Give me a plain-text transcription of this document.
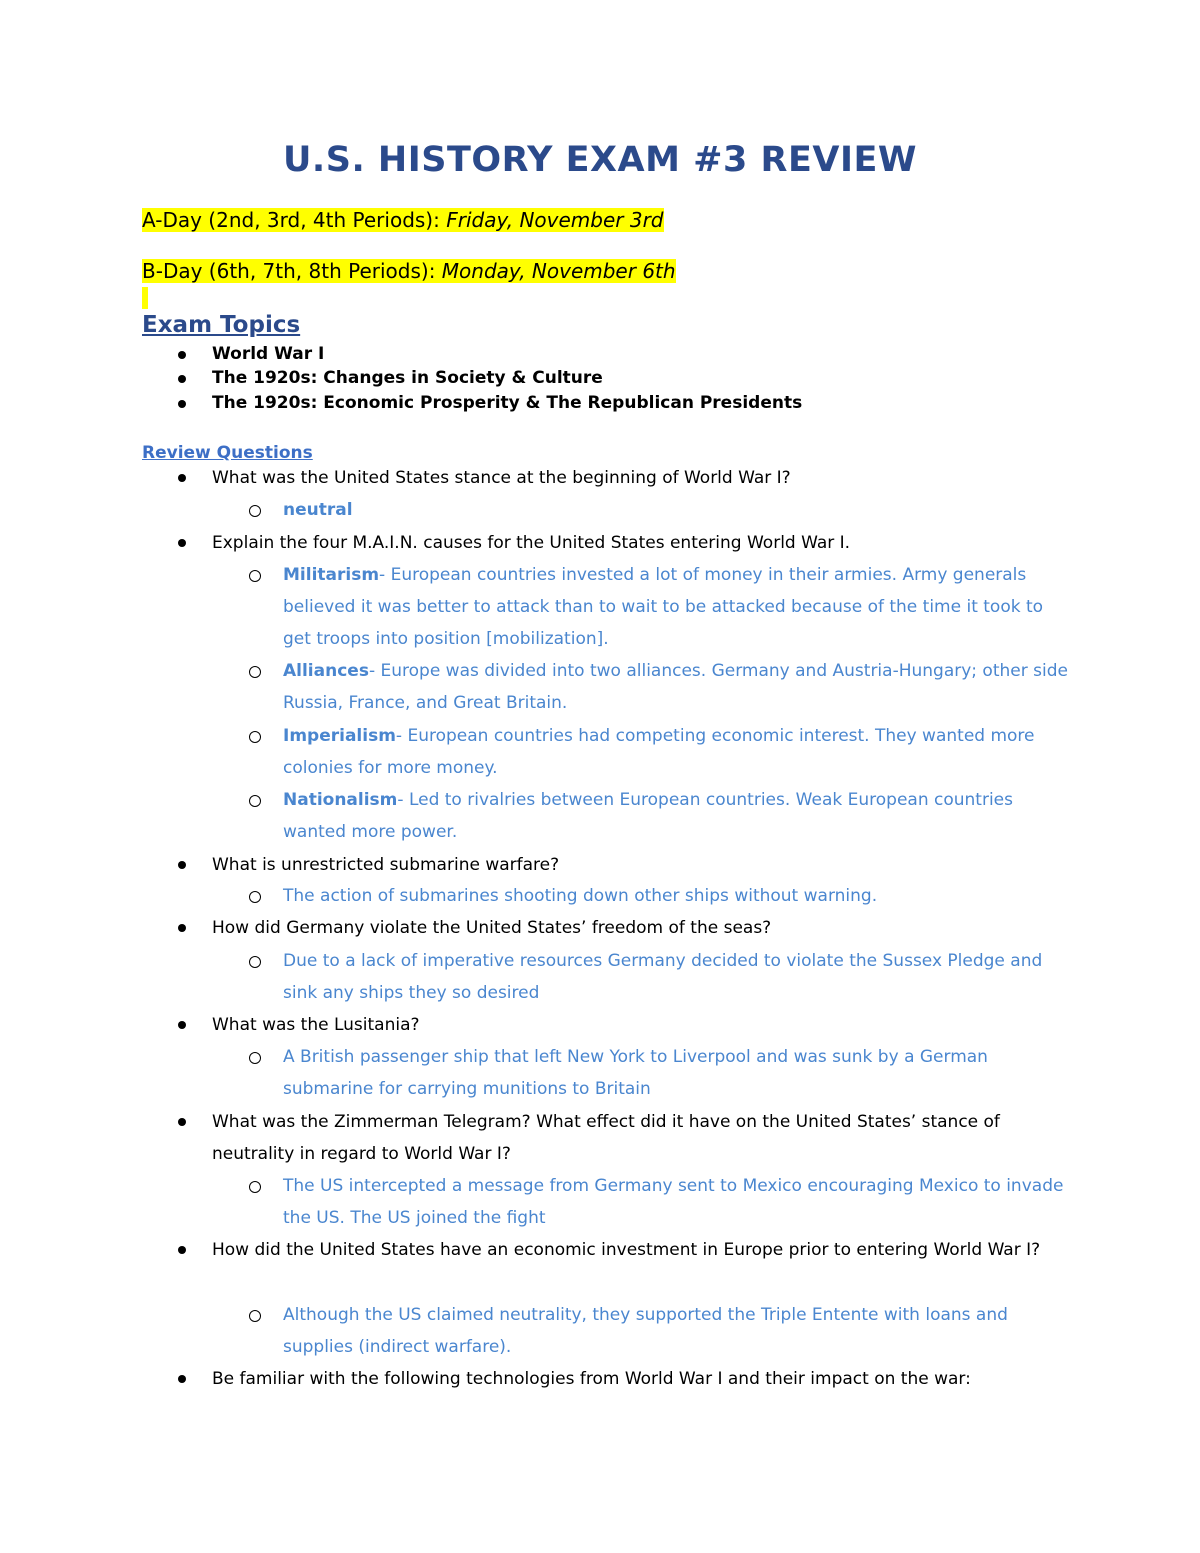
U.S. HISTORY EXAM #3 REVIEW
A-Day (2nd, 3rd, 4th Periods): Friday, November 3rd
B-Day (6th, 7th, 8th Periods): Monday, November 6th
Exam Topics
World War I
The 1920s: Changes in Society & Culture
The 1920s: Economic Prosperity & The Republican Presidents
Review Questions
What was the United States stance at the beginning of World War I?
neutral
Explain the four M.A.I.N. causes for the United States entering World War I.
Militarism- European countries invested a lot of money in their armies. Army generals believed it was better to attack than to wait to be attacked because of the time it took to get troops into position [mobilization].
Alliances- Europe was divided into two alliances. Germany and Austria-Hungary; other side Russia, France, and Great Britain.
Imperialism- European countries had competing economic interest. They wanted more colonies for more money.
Nationalism- Led to rivalries between European countries. Weak European countries wanted more power.
What is unrestricted submarine warfare?
The action of submarines shooting down other ships without warning.
How did Germany violate the United States’ freedom of the seas?
Due to a lack of imperative resources Germany decided to violate the Sussex Pledge and sink any ships they so desired
What was the Lusitania?
A British passenger ship that left New York to Liverpool and was sunk by a German submarine for carrying munitions to Britain
What was the Zimmerman Telegram? What effect did it have on the United States’ stance of neutrality in regard to World War I?
The US intercepted a message from Germany sent to Mexico encouraging Mexico to invade the US. The US joined the fight
How did the United States have an economic investment in Europe prior to entering World War I?
Although the US claimed neutrality, they supported the Triple Entente with loans and supplies (indirect warfare).
Be familiar with the following technologies from World War I and their impact on the war:
